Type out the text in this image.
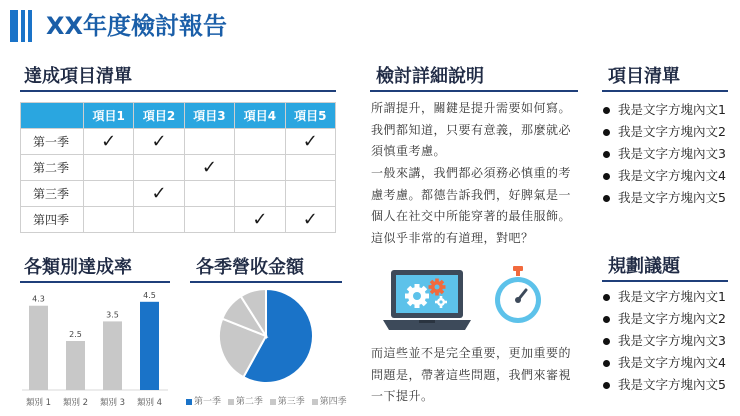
XX年度檢討報告
達成項目清單
	項目1	項目2	項目3	項目4	項目5
第一季	✓	✓			✓
第二季			✓		
第三季		✓			
第四季				✓	✓
各類別達成率
4.3
類別 1
2.5
類別 2
3.5
類別 3
4.5
類別 4
各季營收金額
第一季 第二季 第三季 第四季
檢討詳細說明
所謂提升，關鍵是提升需要如何寫。我們都知道，只要有意義，那麼就必須慎重考慮。
一般來講，我們都必須務必慎重的考慮考慮。都德告訴我們，好脾氣是一個人在社交中所能穿著的最佳服飾。這似乎非常的有道理，對吧？
而這些並不是完全重要，更加重要的問題是，帶著這些問題，我們來審視一下提升。
項目清單
我是文字方塊內文1
我是文字方塊內文2
我是文字方塊內文3
我是文字方塊內文4
我是文字方塊內文5
規劃議題
我是文字方塊內文1
我是文字方塊內文2
我是文字方塊內文3
我是文字方塊內文4
我是文字方塊內文5
